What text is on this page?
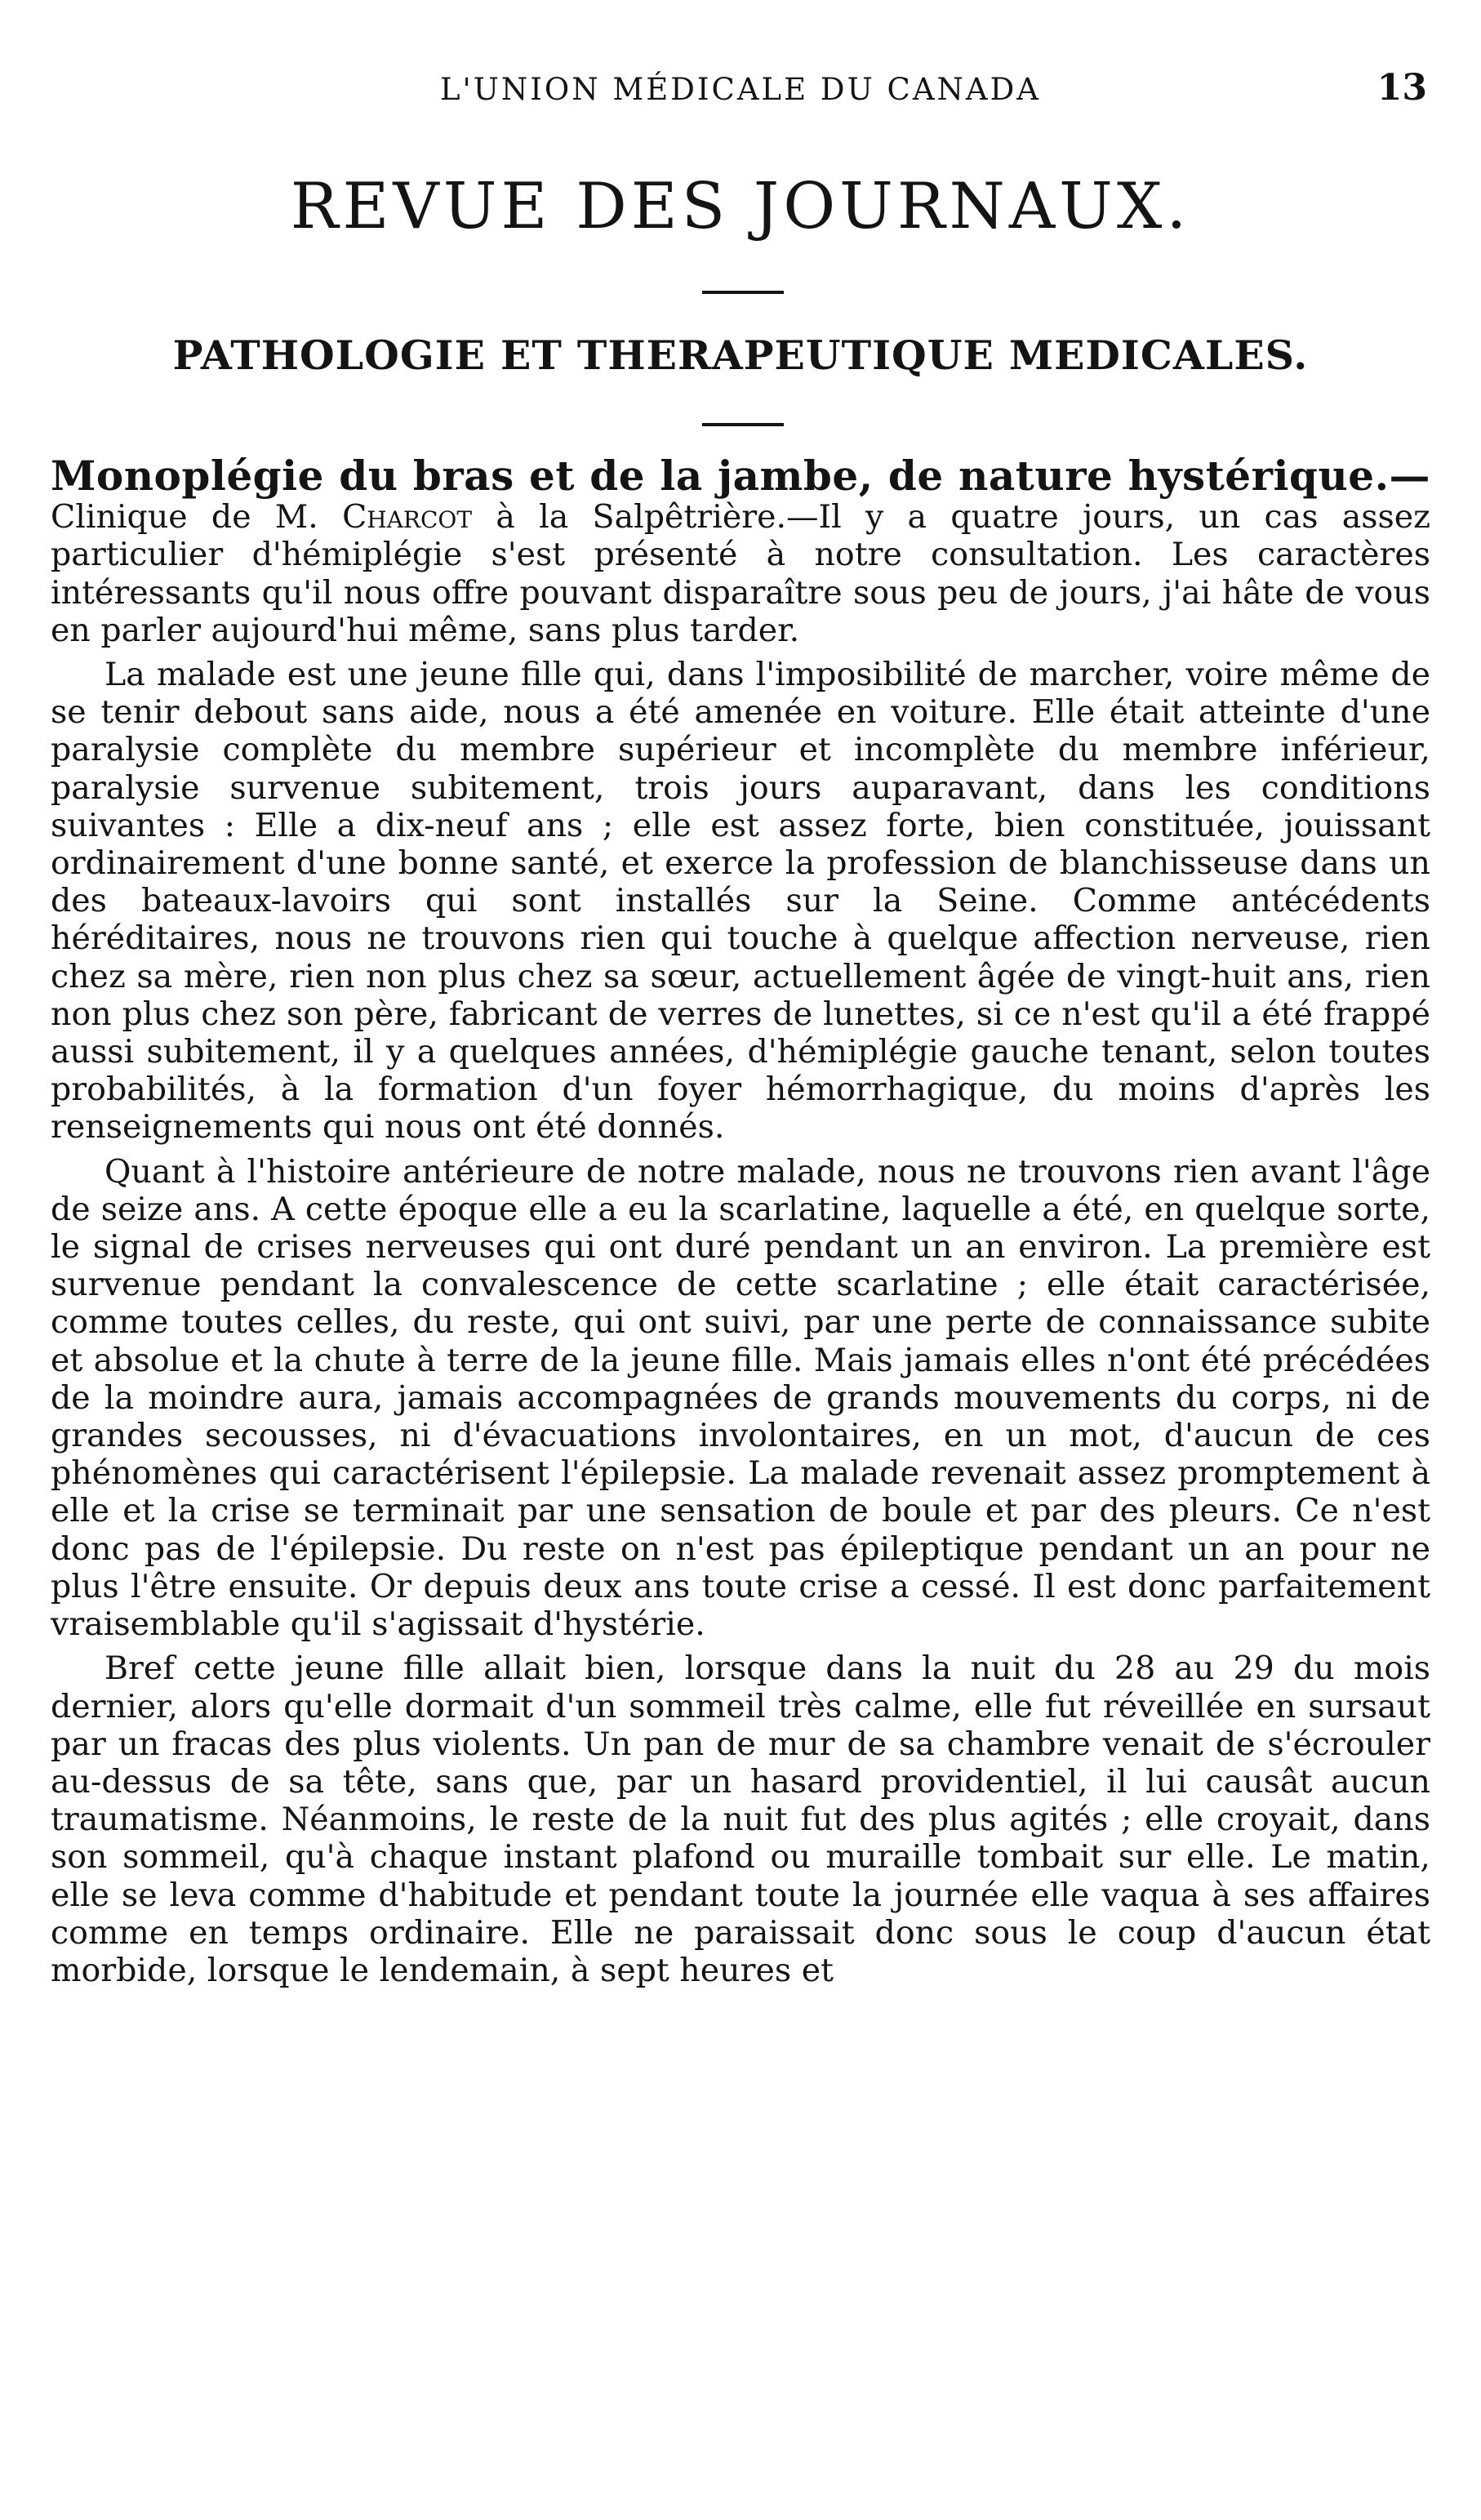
L'UNION MÉDICALE DU CANADA	13
REVUE DES JOURNAUX.
PATHOLOGIE ET THERAPEUTIQUE MEDICALES.

Monoplégie du bras et de la jambe, de nature hystérique.— Clinique de M. Charcot à la Salpêtrière.—Il y a quatre jours, un cas assez particulier d'hémiplégie s'est présenté à notre consultation. Les caractères intéressants qu'il nous offre pouvant disparaître sous peu de jours, j'ai hâte de vous en parler aujourd'hui même, sans plus tarder.

La malade est une jeune fille qui, dans l'imposibilité de marcher, voire même de se tenir debout sans aide, nous a été amenée en voiture. Elle était atteinte d'une paralysie complète du membre supérieur et incomplète du membre inférieur, paralysie survenue subitement, trois jours auparavant, dans les conditions suivantes : Elle a dix-neuf ans ; elle est assez forte, bien constituée, jouissant ordinairement d'une bonne santé, et exerce la profession de blanchisseuse dans un des bateaux-lavoirs qui sont installés sur la Seine. Comme antécédents héréditaires, nous ne trouvons rien qui touche à quelque affection nerveuse, rien chez sa mère, rien non plus chez sa sœur, actuellement âgée de vingt-huit ans, rien non plus chez son père, fabricant de verres de lunettes, si ce n'est qu'il a été frappé aussi subitement, il y a quelques années, d'hémiplégie gauche tenant, selon toutes probabilités, à la formation d'un foyer hémorrhagique, du moins d'après les renseignements qui nous ont été donnés.

Quant à l'histoire antérieure de notre malade, nous ne trouvons rien avant l'âge de seize ans. A cette époque elle a eu la scarlatine, laquelle a été, en quelque sorte, le signal de crises nerveuses qui ont duré pendant un an environ. La première est survenue pendant la convalescence de cette scarlatine ; elle était caractérisée, comme toutes celles, du reste, qui ont suivi, par une perte de connaissance subite et absolue et la chute à terre de la jeune fille. Mais jamais elles n'ont été précédées de la moindre aura, jamais accompagnées de grands mouvements du corps, ni de grandes secousses, ni d'évacuations involontaires, en un mot, d'aucun de ces phénomènes qui caractérisent l'épilepsie. La malade revenait assez promptement à elle et la crise se terminait par une sensation de boule et par des pleurs. Ce n'est donc pas de l'épilepsie. Du reste on n'est pas épileptique pendant un an pour ne plus l'être ensuite. Or depuis deux ans toute crise a cessé. Il est donc parfaitement vraisemblable qu'il s'agissait d'hystérie.

Bref cette jeune fille allait bien, lorsque dans la nuit du 28 au 29 du mois dernier, alors qu'elle dormait d'un sommeil très calme, elle fut réveillée en sursaut par un fracas des plus violents. Un pan de mur de sa chambre venait de s'écrouler au-dessus de sa tête, sans que, par un hasard providentiel, il lui causât aucun traumatisme. Néanmoins, le reste de la nuit fut des plus agités ; elle croyait, dans son sommeil, qu'à chaque instant plafond ou muraille tombait sur elle. Le matin, elle se leva comme d'habitude et pendant toute la journée elle vaqua à ses affaires comme en temps ordinaire. Elle ne paraissait donc sous le coup d'aucun état morbide, lorsque le lendemain, à sept heures et
